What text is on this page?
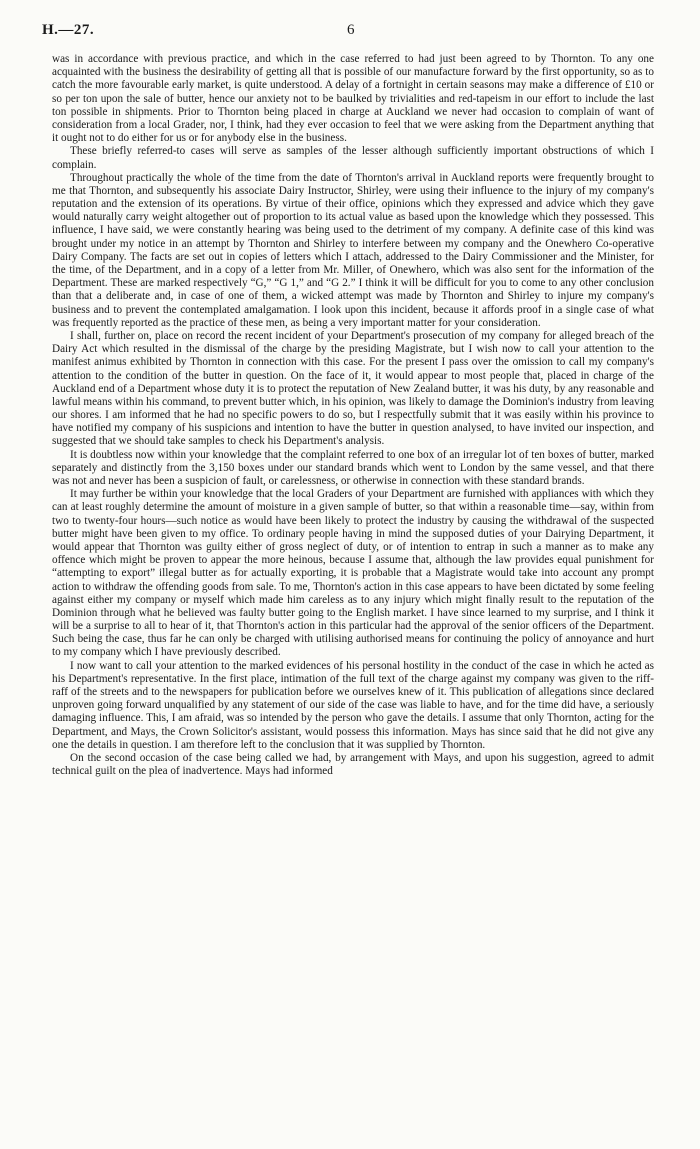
H.—27.	6

was in accordance with previous practice, and which in the case referred to had just been agreed to by Thornton. To any one acquainted with the business the desirability of getting all that is possible of our manufacture forward by the first opportunity, so as to catch the more favourable early market, is quite understood. A delay of a fortnight in certain seasons may make a difference of £10 or so per ton upon the sale of butter, hence our anxiety not to be baulked by trivialities and red-tapeism in our effort to include the last ton possible in shipments. Prior to Thornton being placed in charge at Auckland we never had occasion to complain of want of consideration from a local Grader, nor, I think, had they ever occasion to feel that we were asking from the Department anything that it ought not to do either for us or for anybody else in the business.

These briefly referred-to cases will serve as samples of the lesser although sufficiently important obstructions of which I complain.

Throughout practically the whole of the time from the date of Thornton's arrival in Auckland reports were frequently brought to me that Thornton, and subsequently his associate Dairy Instructor, Shirley, were using their influence to the injury of my company's reputation and the extension of its operations. By virtue of their office, opinions which they expressed and advice which they gave would naturally carry weight altogether out of proportion to its actual value as based upon the knowledge which they possessed. This influence, I have said, we were constantly hearing was being used to the detriment of my company. A definite case of this kind was brought under my notice in an attempt by Thornton and Shirley to interfere between my company and the Onewhero Co-operative Dairy Company. The facts are set out in copies of letters which I attach, addressed to the Dairy Commissioner and the Minister, for the time, of the Department, and in a copy of a letter from Mr. Miller, of Onewhero, which was also sent for the information of the Department. These are marked respectively “G,” “G 1,” and “G 2.” I think it will be difficult for you to come to any other conclusion than that a deliberate and, in case of one of them, a wicked attempt was made by Thornton and Shirley to injure my company's business and to prevent the contemplated amalgamation. I look upon this incident, because it affords proof in a single case of what was frequently reported as the practice of these men, as being a very important matter for your consideration.

I shall, further on, place on record the recent incident of your Department's prosecution of my company for alleged breach of the Dairy Act which resulted in the dismissal of the charge by the presiding Magistrate, but I wish now to call your attention to the manifest animus exhibited by Thornton in connection with this case. For the present I pass over the omission to call my company's attention to the condition of the butter in question. On the face of it, it would appear to most people that, placed in charge of the Auckland end of a Department whose duty it is to protect the reputation of New Zealand butter, it was his duty, by any reasonable and lawful means within his command, to prevent butter which, in his opinion, was likely to damage the Dominion's industry from leaving our shores. I am informed that he had no specific powers to do so, but I respectfully submit that it was easily within his province to have notified my company of his suspicions and intention to have the butter in question analysed, to have invited our inspection, and suggested that we should take samples to check his Department's analysis.

It is doubtless now within your knowledge that the complaint referred to one box of an irregular lot of ten boxes of butter, marked separately and distinctly from the 3,150 boxes under our standard brands which went to London by the same vessel, and that there was not and never has been a suspicion of fault, or carelessness, or otherwise in connection with these standard brands.

It may further be within your knowledge that the local Graders of your Department are furnished with appliances with which they can at least roughly determine the amount of moisture in a given sample of butter, so that within a reasonable time—say, within from two to twenty-four hours—such notice as would have been likely to protect the industry by causing the withdrawal of the suspected butter might have been given to my office. To ordinary people having in mind the supposed duties of your Dairying Department, it would appear that Thornton was guilty either of gross neglect of duty, or of intention to entrap in such a manner as to make any offence which might be proven to appear the more heinous, because I assume that, although the law provides equal punishment for “attempting to export” illegal butter as for actually exporting, it is probable that a Magistrate would take into account any prompt action to withdraw the offending goods from sale. To me, Thornton's action in this case appears to have been dictated by some feeling against either my company or myself which made him careless as to any injury which might finally result to the reputation of the Dominion through what he believed was faulty butter going to the English market. I have since learned to my surprise, and I think it will be a surprise to all to hear of it, that Thornton's action in this particular had the approval of the senior officers of the Department. Such being the case, thus far he can only be charged with utilising authorised means for continuing the policy of annoyance and hurt to my company which I have previously described.

I now want to call your attention to the marked evidences of his personal hostility in the conduct of the case in which he acted as his Department's representative. In the first place, intimation of the full text of the charge against my company was given to the riff-raff of the streets and to the newspapers for publication before we ourselves knew of it. This publication of allegations since declared unproven going forward unqualified by any statement of our side of the case was liable to have, and for the time did have, a seriously damaging influence. This, I am afraid, was so intended by the person who gave the details. I assume that only Thornton, acting for the Department, and Mays, the Crown Solicitor's assistant, would possess this information. Mays has since said that he did not give any one the details in question. I am therefore left to the conclusion that it was supplied by Thornton.

On the second occasion of the case being called we had, by arrangement with Mays, and upon his suggestion, agreed to admit technical guilt on the plea of inadvertence. Mays had informed
